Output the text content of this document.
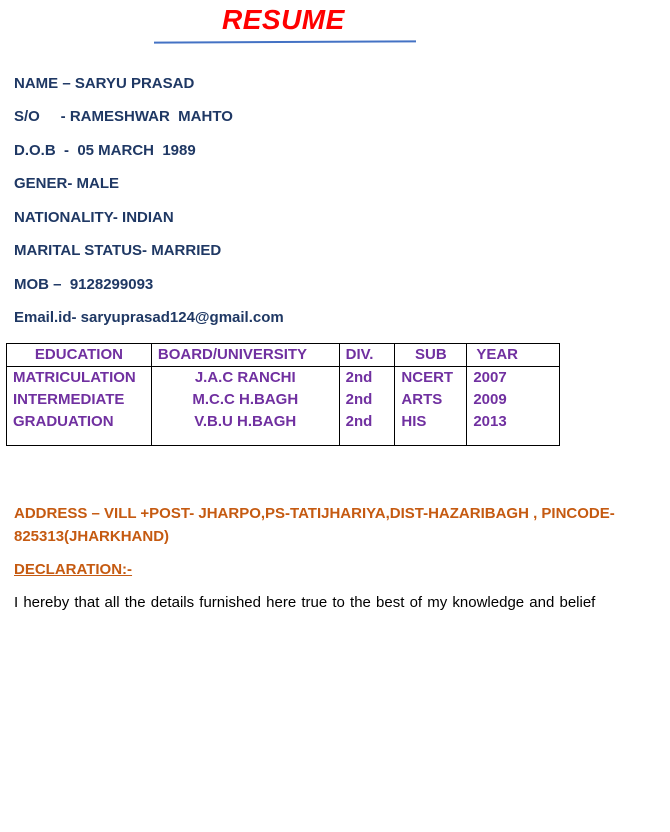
RESUME
NAME – SARYU PRASAD
S/O     - RAMESHWAR  MAHTO
D.O.B  -  05 MARCH  1989
GENER- MALE
NATIONALITY- INDIAN
MARITAL STATUS- MARRIED
MOB –  9128299093
Email.id- saryuprasad124@gmail.com
EDUCATION	BOARD/UNIVERSITY	DIV.	SUB	YEAR
MATRICULATION	J.A.C RANCHI	2nd	NCERT	2007
INTERMEDIATE	M.C.C H.BAGH	2nd	ARTS	2009
GRADUATION	V.B.U H.BAGH	2nd	HIS	2013
ADDRESS – VILL +POST- JHARPO,PS-TATIJHARIYA,DIST-HAZARIBAGH , PINCODE-825313(JHARKHAND)
DECLARATION:-
I hereby that all the details furnished here true to the best of my knowledge and belief
